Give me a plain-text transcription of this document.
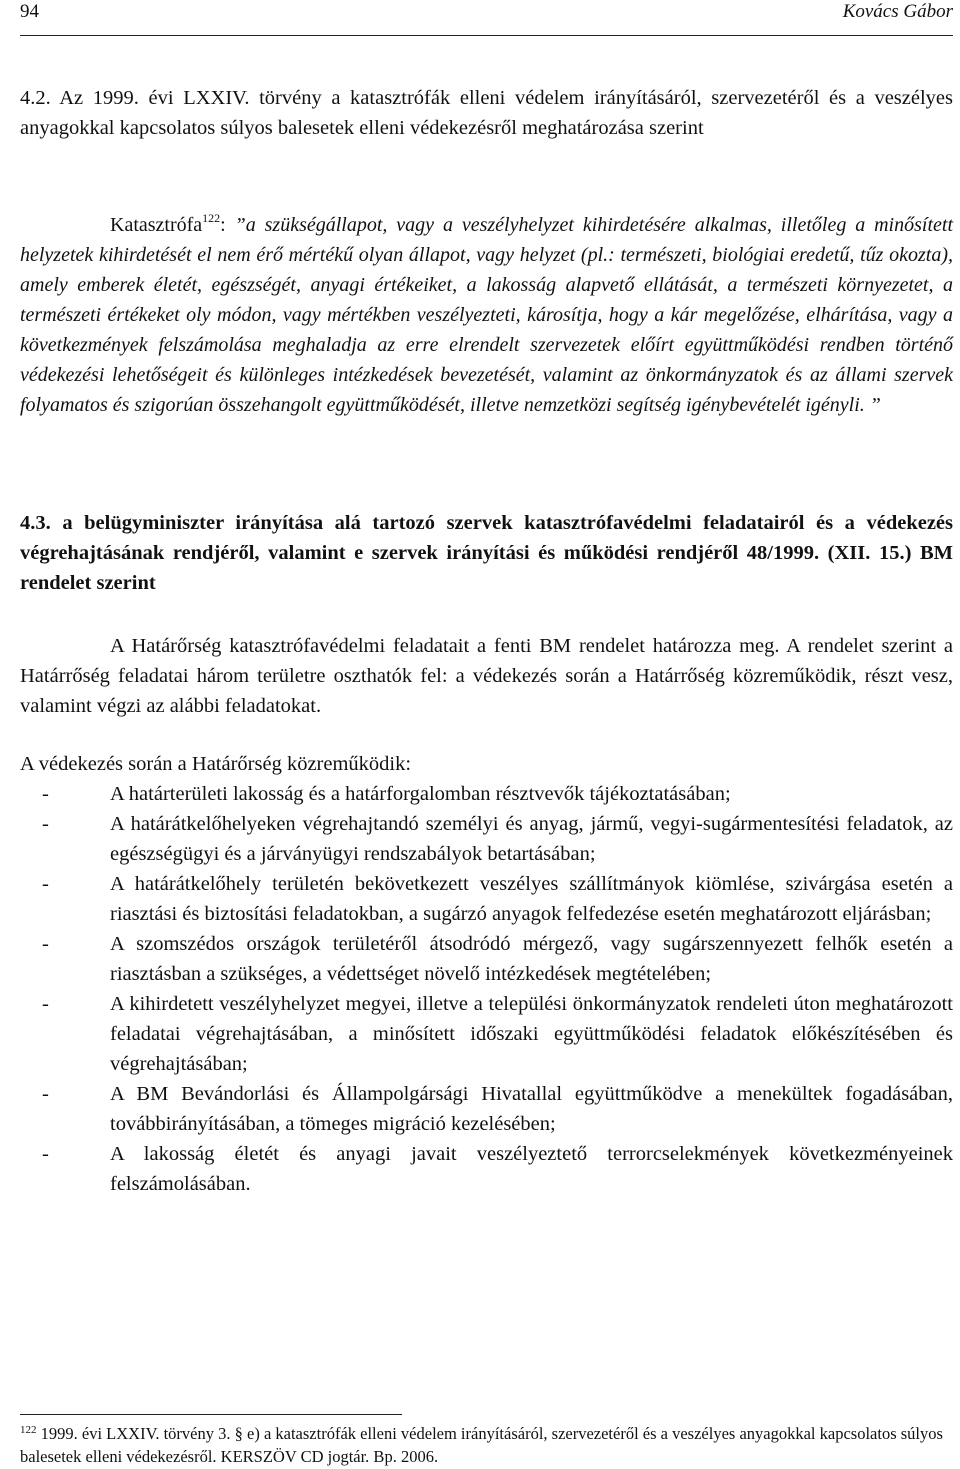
94	Kovács Gábor
4.2. Az 1999. évi LXXIV. törvény a katasztrófák elleni védelem irányításáról, szervezetéről és a veszélyes anyagokkal kapcsolatos súlyos balesetek elleni védekezésről meghatározása szerint
Katasztrófa$^{122}$: ”a szükségállapot, vagy a veszélyhelyzet kihirdetésére alkalmas, illetőleg a minősített helyzetek kihirdetését el nem érő mértékű olyan állapot, vagy helyzet (pl.: természeti, biológiai eredetű, tűz okozta), amely emberek életét, egészségét, anyagi értékeiket, a lakosság alapvető ellátását, a természeti környezetet, a természeti értékeket oly módon, vagy mértékben veszélyezteti, károsítja, hogy a kár megelőzése, elhárítása, vagy a következmények felszámolása meghaladja az erre elrendelt szervezetek előírt együttműködési rendben történő védekezési lehetőségeit és különleges intézkedések bevezetését, valamint az önkormányzatok és az állami szervek folyamatos és szigorúan összehangolt együttműködését, illetve nemzetközi segítség igénybevételét igényli. ”
4.3. a belügyminiszter irányítása alá tartozó szervek katasztrófavédelmi feladatairól és a védekezés végrehajtásának rendjéről, valamint e szervek irányítási és működési rendjéről 48/1999. (XII. 15.) BM rendelet szerint
A Határőrség katasztrófavédelmi feladatait a fenti BM rendelet határozza meg. A rendelet szerint a Határrőség feladatai három területre oszthatók fel: a védekezés során a Határrőség közreműködik, részt vesz, valamint végzi az alábbi feladatokat.
A védekezés során a Határőrség közreműködik:
-	A határterületi lakosság és a határforgalomban résztvevők tájékoztatásában;
-	A határátkelőhelyeken végrehajtandó személyi és anyag, jármű, vegyi-sugármentesítési feladatok, az egészségügyi és a járványügyi rendszabályok betartásában;
-	A határátkelőhely területén bekövetkezett veszélyes szállítmányok kiömlése, szivárgása esetén a riasztási és biztosítási feladatokban, a sugárzó anyagok felfedezése esetén meghatározott eljárásban;
-	A szomszédos országok területéről átsodródó mérgező, vagy sugárszennyezett felhők esetén a riasztásban a szükséges, a védettséget növelő intézkedések megtételében;
-	A kihirdetett veszélyhelyzet megyei, illetve a települési önkormányzatok rendeleti úton meghatározott feladatai végrehajtásában, a minősített időszaki együttműködési feladatok előkészítésében és végrehajtásában;
-	A BM Bevándorlási és Állampolgársági Hivatallal együttműködve a menekültek fogadásában, továbbirányításában, a tömeges migráció kezelésében;
-	A lakosság életét és anyagi javait veszélyeztető terrorcselekmények következményeinek felszámolásában.
$^{122}$ 1999. évi LXXIV. törvény 3. § e) a katasztrófák elleni védelem irányításáról, szervezetéről és a veszélyes anyagokkal kapcsolatos súlyos balesetek elleni védekezésről. KERSZÖV CD jogtár. Bp. 2006.
